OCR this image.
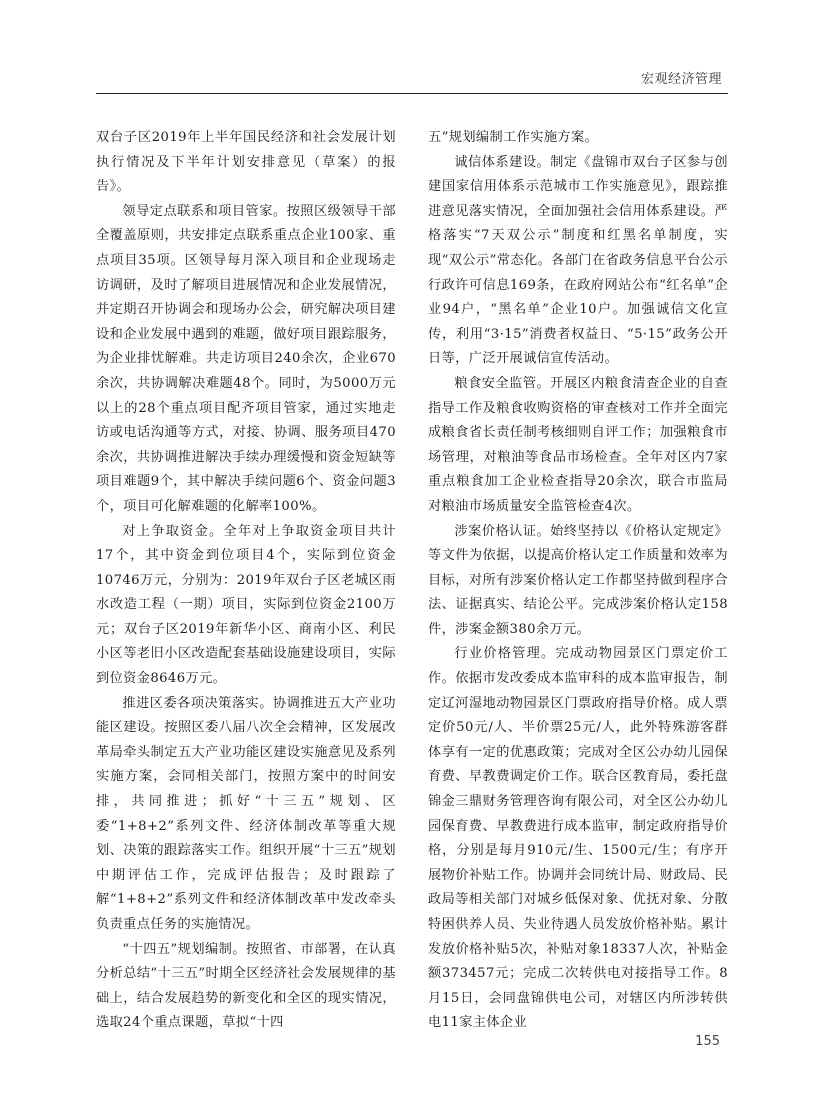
宏观经济管理

双台子区2019年上半年国民经济和社会发展计划执行情况及下半年计划安排意见（草案）的报告》。

领导定点联系和项目管家。按照区级领导干部全覆盖原则，共安排定点联系重点企业100家、重点项目35项。区领导每月深入项目和企业现场走访调研，及时了解项目进展情况和企业发展情况，并定期召开协调会和现场办公会，研究解决项目建设和企业发展中遇到的难题，做好项目跟踪服务，为企业排忧解难。共走访项目240余次，企业670余次，共协调解决难题48个。同时，为5000万元以上的28个重点项目配齐项目管家，通过实地走访或电话沟通等方式，对接、协调、服务项目470余次，共协调推进解决手续办理缓慢和资金短缺等项目难题9个，其中解决手续问题6个、资金问题3个，项目可化解难题的化解率100%。

对上争取资金。全年对上争取资金项目共计17个，其中资金到位项目4个，实际到位资金10746万元，分别为：2019年双台子区老城区雨水改造工程（一期）项目，实际到位资金2100万元；双台子区2019年新华小区、商南小区、利民小区等老旧小区改造配套基础设施建设项目，实际到位资金8646万元。

推进区委各项决策落实。协调推进五大产业功能区建设。按照区委八届八次全会精神，区发展改革局牵头制定五大产业功能区建设实施意见及系列实施方案，会同相关部门，按照方案中的时间安排，共同推进；抓好“十三五”规划、区委“1+8+2”系列文件、经济体制改革等重大规划、决策的跟踪落实工作。组织开展“十三五”规划中期评估工作，完成评估报告；及时跟踪了解“1+8+2”系列文件和经济体制改革中发改牵头负责重点任务的实施情况。

“十四五”规划编制。按照省、市部署，在认真分析总结“十三五”时期全区经济社会发展规律的基础上，结合发展趋势的新变化和全区的现实情况，选取24个重点课题，草拟“十四

五”规划编制工作实施方案。

诚信体系建设。制定《盘锦市双台子区参与创建国家信用体系示范城市工作实施意见》，跟踪推进意见落实情况，全面加强社会信用体系建设。严格落实“7天双公示”制度和红黑名单制度，实现“双公示”常态化。各部门在省政务信息平台公示行政许可信息169条，在政府网站公布“红名单”企业94户，“黑名单”企业10户。加强诚信文化宣传，利用“3·15”消费者权益日、“5·15”政务公开日等，广泛开展诚信宣传活动。

粮食安全监管。开展区内粮食清查企业的自查指导工作及粮食收购资格的审查核对工作并全面完成粮食省长责任制考核细则自评工作；加强粮食市场管理，对粮油等食品市场检查。全年对区内7家重点粮食加工企业检查指导20余次，联合市监局对粮油市场质量安全监管检查4次。

涉案价格认证。始终坚持以《价格认定规定》等文件为依据，以提高价格认定工作质量和效率为目标，对所有涉案价格认定工作都坚持做到程序合法、证据真实、结论公平。完成涉案价格认定158件，涉案金额380余万元。

行业价格管理。完成动物园景区门票定价工作。依据市发改委成本监审科的成本监审报告，制定辽河湿地动物园景区门票政府指导价格。成人票定价50元/人、半价票25元/人，此外特殊游客群体享有一定的优惠政策；完成对全区公办幼儿园保育费、早教费调定价工作。联合区教育局，委托盘锦金三鼎财务管理咨询有限公司，对全区公办幼儿园保育费、早教费进行成本监审，制定政府指导价格，分别是每月910元/生、1500元/生；有序开展物价补贴工作。协调并会同统计局、财政局、民政局等相关部门对城乡低保对象、优抚对象、分散特困供养人员、失业待遇人员发放价格补贴。累计发放价格补贴5次，补贴对象18337人次，补贴金额373457元；完成二次转供电对接指导工作。8月15日，会同盘锦供电公司，对辖区内所涉转供电11家主体企业

155
